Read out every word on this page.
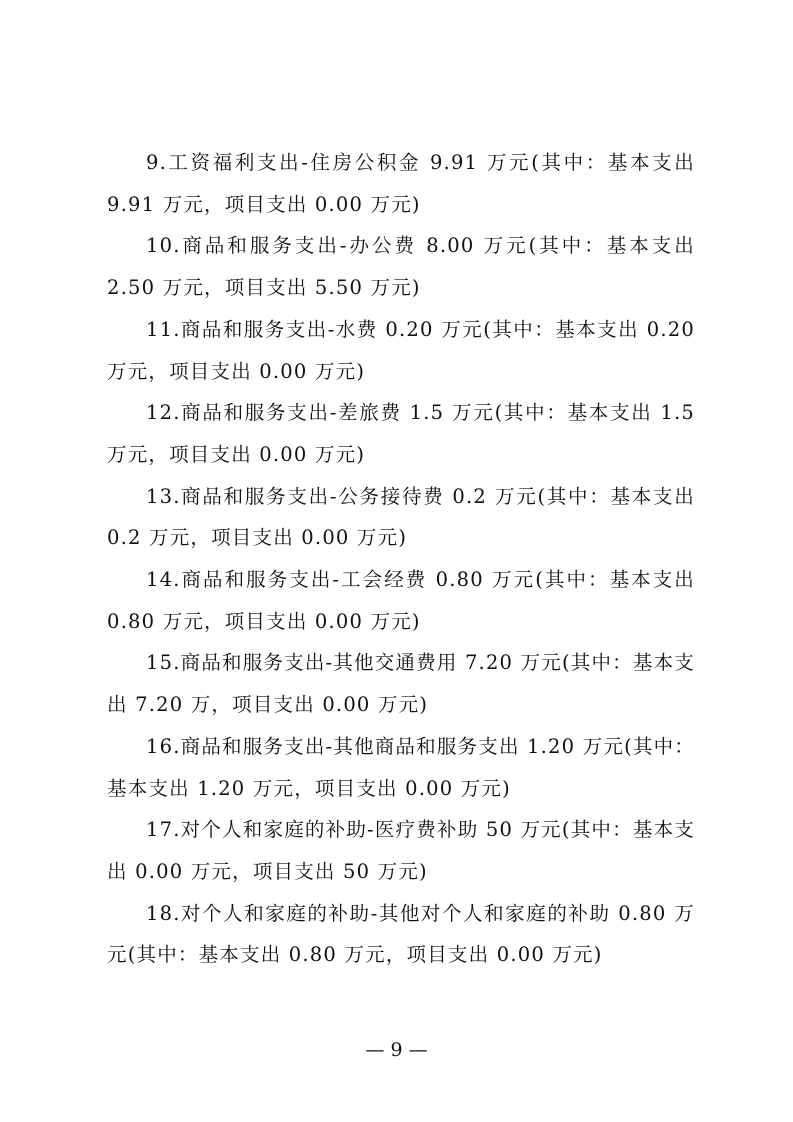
9.工资福利支出-住房公积金 9.91 万元(其中：基本支出 9.91 万元，项目支出 0.00 万元)

10.商品和服务支出-办公费 8.00 万元(其中：基本支出 2.50 万元，项目支出 5.50 万元)

11.商品和服务支出-水费 0.20 万元(其中：基本支出 0.20 万元，项目支出 0.00 万元)

12.商品和服务支出-差旅费 1.5 万元(其中：基本支出 1.5 万元，项目支出 0.00 万元)

13.商品和服务支出-公务接待费 0.2 万元(其中：基本支出 0.2 万元，项目支出 0.00 万元)

14.商品和服务支出-工会经费 0.80 万元(其中：基本支出 0.80 万元，项目支出 0.00 万元)

15.商品和服务支出-其他交通费用 7.20 万元(其中：基本支出 7.20 万，项目支出 0.00 万元)

16.商品和服务支出-其他商品和服务支出 1.20 万元(其中：基本支出 1.20 万元，项目支出 0.00 万元)

17.对个人和家庭的补助-医疗费补助 50 万元(其中：基本支出 0.00 万元，项目支出 50 万元)

18.对个人和家庭的补助-其他对个人和家庭的补助 0.80 万元(其中：基本支出 0.80 万元，项目支出 0.00 万元)

— 9 —
